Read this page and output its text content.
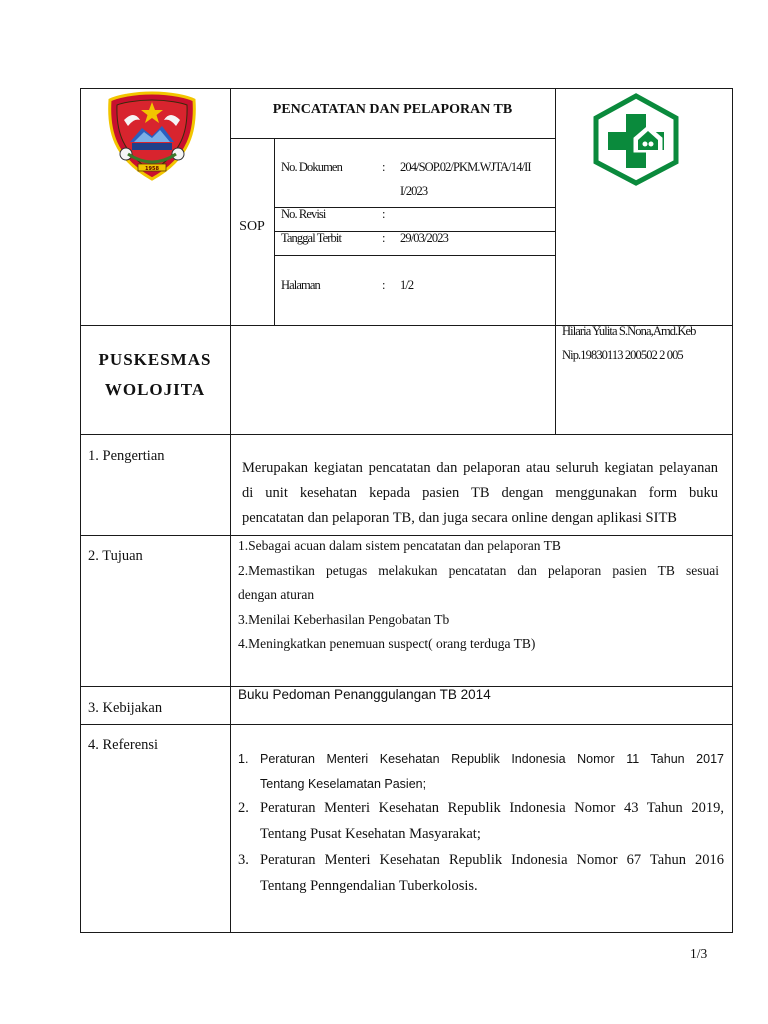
1958
PENCATATAN DAN PELAPORAN TB
SOP
No. Dokumen	: 204/SOP.02/PKM.WJTA/14/II
I/2023
No. Revisi	:
Tanggal Terbit	: 29/03/2023
Halaman	: 1/2
PUSKESMAS
WOLOJITA
Hilaria Yulita S.Nona,Amd.Keb
Nip.19830113 200502 2 005
1. Pengertian
Merupakan kegiatan pencatatan dan pelaporan atau seluruh kegiatan pelayanan
di unit kesehatan kepada pasien TB dengan menggunakan form buku
pencatatan dan pelaporan TB, dan juga secara online dengan aplikasi SITB
2. Tujuan
1.Sebagai acuan dalam sistem pencatatan dan pelaporan TB
2.Memastikan petugas melakukan pencatatan dan pelaporan pasien TB sesuai
dengan aturan
3.Menilai Keberhasilan Pengobatan Tb
4.Meningkatkan penemuan suspect( orang terduga TB)
3. Kebijakan
Buku Pedoman Penanggulangan TB 2014
4. Referensi
1. Peraturan Menteri Kesehatan Republik Indonesia Nomor 11 Tahun 2017
Tentang Keselamatan Pasien;
2. Peraturan Menteri Kesehatan Republik Indonesia Nomor 43 Tahun 2019,
Tentang Pusat Kesehatan Masyarakat;
3. Peraturan Menteri Kesehatan Republik Indonesia Nomor 67 Tahun 2016
Tentang Penngendalian Tuberkolosis.
1/3
